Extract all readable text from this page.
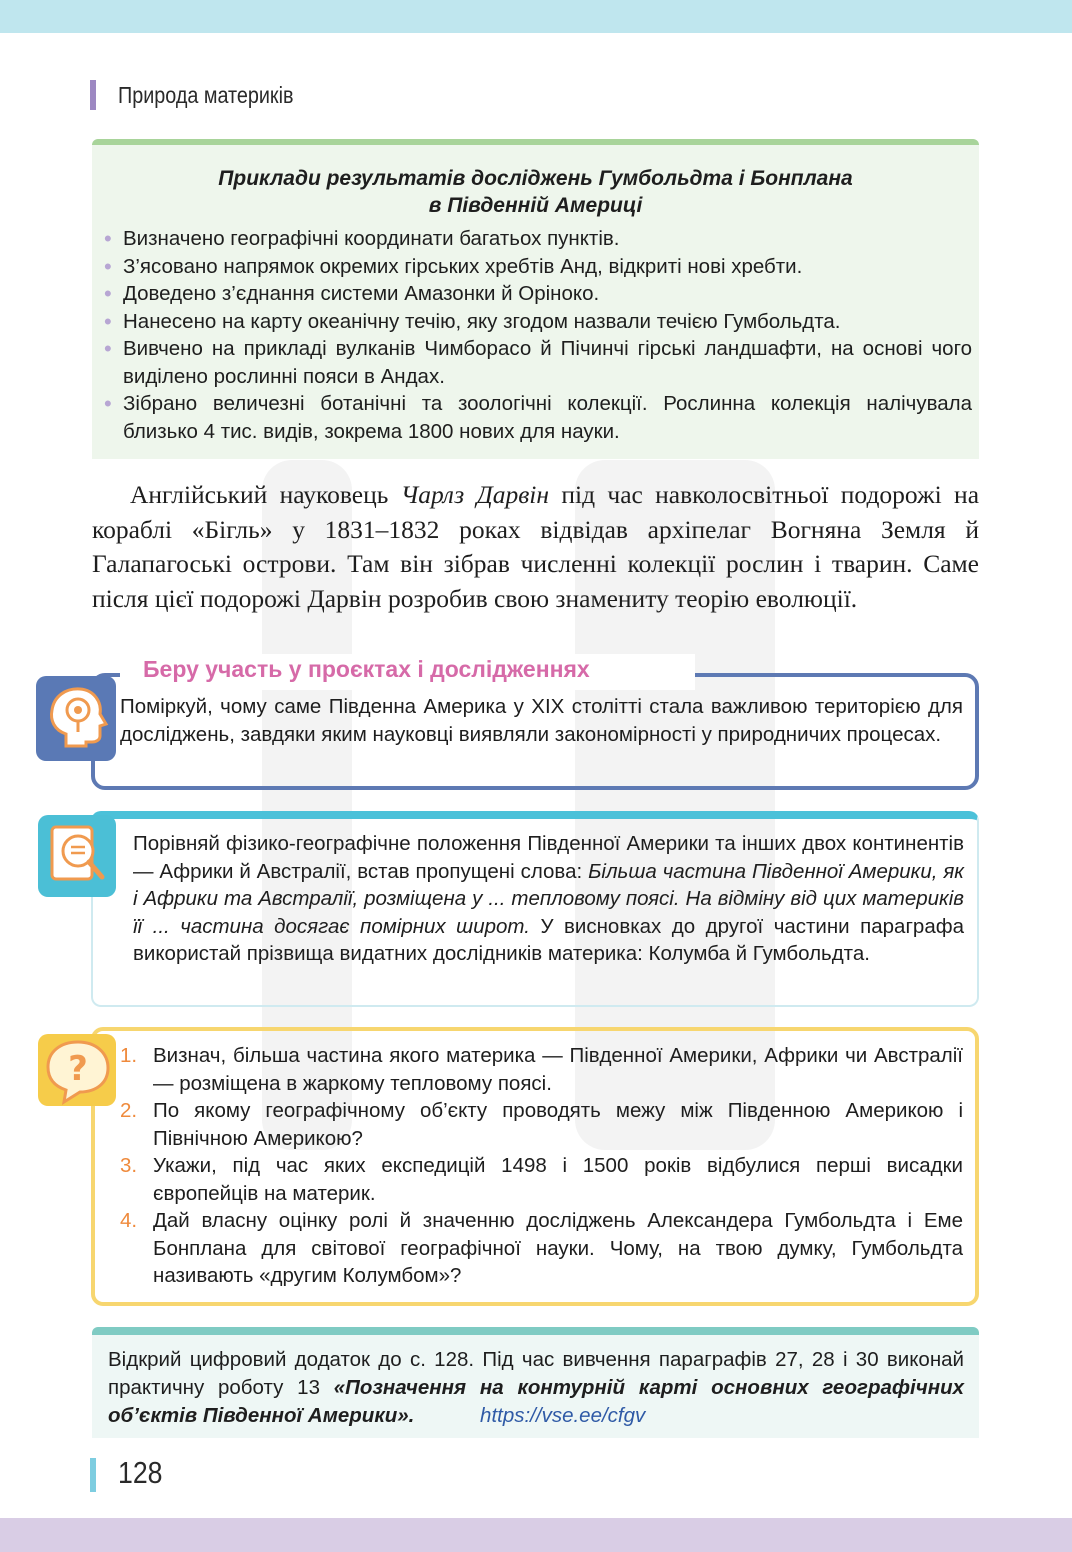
Природа материків
Приклади результатів досліджень Гумбольдта і Бонплана
в Південній Америці
• Визначено географічні координати багатьох пунктів.
• З’ясовано напрямок окремих гірських хребтів Анд, відкриті нові хребти.
• Доведено з’єднання системи Амазонки й Оріноко.
• Нанесено на карту океанічну течію, яку згодом назвали течією Гумбольдта.
• Вивчено на прикладі вулканів Чимборасо й Пічинчі гірські ландшафти, на основі чого виділено рослинні пояси в Андах.
• Зібрано величезні ботанічні та зоологічні колекції. Рослинна колекція налічувала близько 4 тис. видів, зокрема 1800 нових для науки.
Англійський науковець Чарлз Дарвін під час навколосвітньої подорожі на кораблі «Бігль» у 1831–1832 роках відвідав архіпелаг Вогняна Земля й Галапагоські острови. Там він зібрав численні колекції рослин і тварин. Саме після цієї подорожі Дарвін розробив свою знамениту теорію еволюції.
Беру участь у проєктах і дослідженнях
Поміркуй, чому саме Південна Америка у XIX столітті стала важливою територією для досліджень, завдяки яким науковці виявляли закономірності у природничих процесах.
Порівняй фізико-географічне положення Південної Америки та інших двох континентів — Африки й Австралії, встав пропущені слова: Більша частина Південної Америки, як і Африки та Австралії, розміщена у ... тепловому поясі. На відміну від цих материків її ... частина досягає помірних широт. У висновках до другої частини параграфа використай прізвища видатних дослідників материка: Колумба й Гумбольдта.
? 1. Визнач, більша частина якого материка — Південної Америки, Африки чи Австралії — розміщена в жаркому тепловому поясі.
2. По якому географічному об’єкту проводять межу між Південною Америкою і Північною Америкою?
3. Укажи, під час яких експедицій 1498 і 1500 років відбулися перші висадки європейців на материк.
4. Дай власну оцінку ролі й значенню досліджень Александера Гумбольдта і Еме Бонплана для світової географічної науки. Чому, на твою думку, Гумбольдта називають «другим Колумбом»?
Відкрий цифровий додаток до с. 128. Під час вивчення параграфів 27, 28 і 30 виконай практичну роботу 13 «Позначення на контурній карті основних географічних об’єктів Південної Америки».	https://vse.ee/cfgv
128
